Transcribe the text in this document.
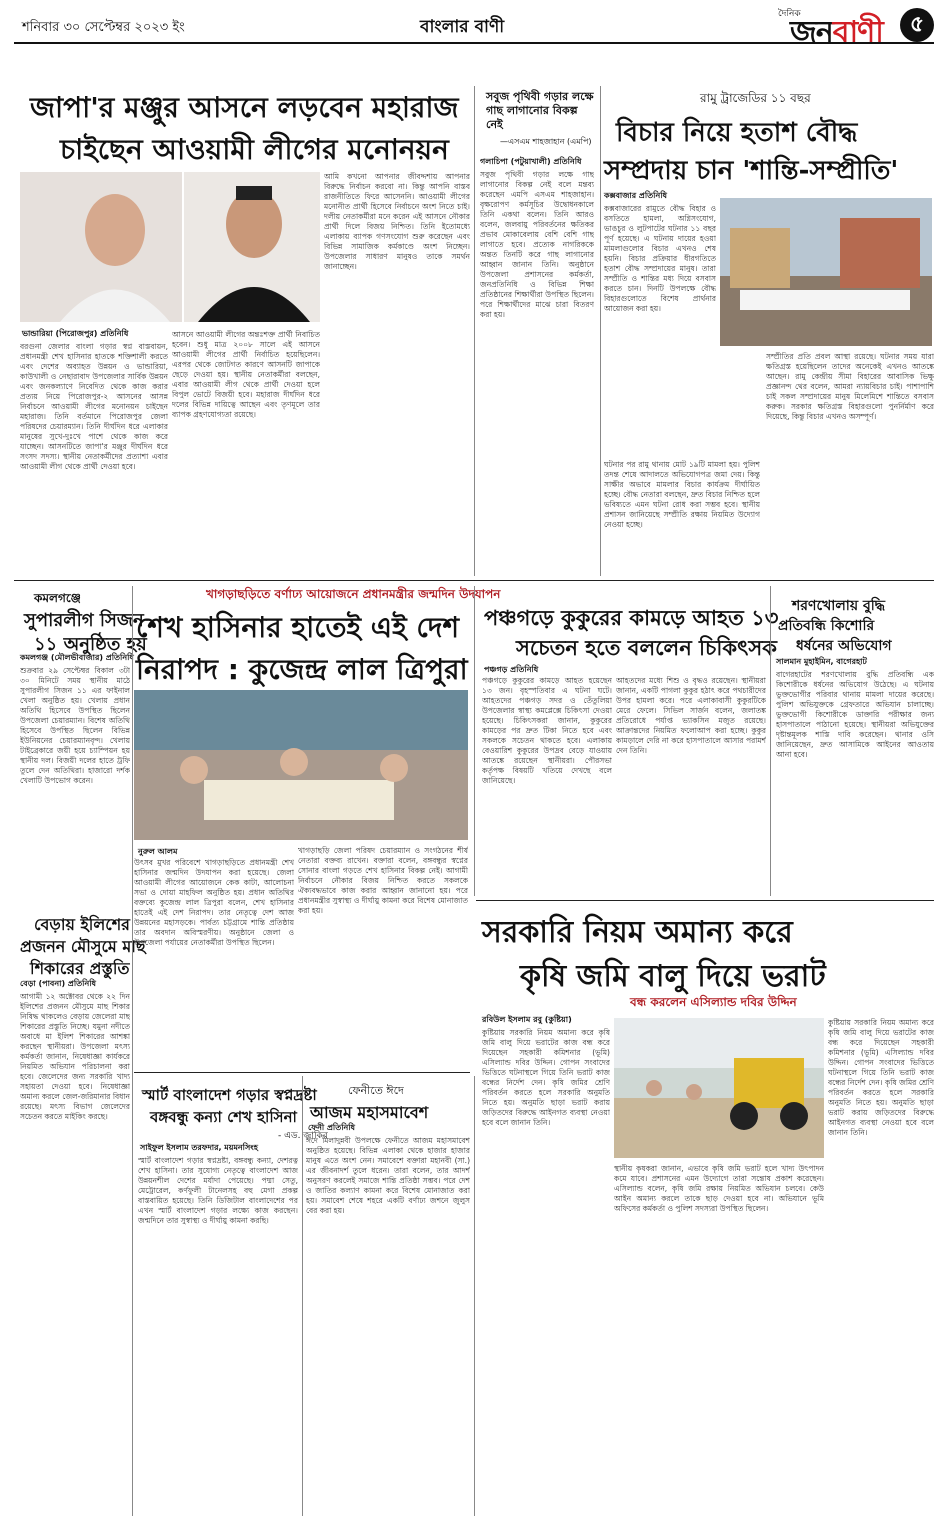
শনিবার ৩০ সেপ্টেম্বর ২০২৩ ইং	বাংলার বাণী
দৈনিক
জনবাণী	৫
জাপা'র মঞ্জুর আসনে লড়বেন মহারাজ
চাইছেন আওয়ামী লীগের মনোনয়ন
ভান্ডারিয়া (পিরোজপুর) প্রতিনিধি
বরগুনা জেলার বাংলা গড়ার স্বপ্ন বাস্তবায়ন, প্রধানমন্ত্রী শেখ হাসিনার হাতকে শক্তিশালী করতে এবং দেশের অব্যাহত উন্নয়ন ও ভান্ডারিয়া, কাউখালী ও নেছারাবাদ উপজেলার সার্বিক উন্নয়ন এবং জনকল্যাণে নিবেদিত থেকে কাজ করার প্রত্যয় নিয়ে পিরোজপুর-২ আসনের আসন্ন নির্বাচনে আওয়ামী লীগের মনোনয়ন চাইছেন মহারাজ। তিনি বর্তমানে পিরোজপুর জেলা পরিষদের চেয়ারম্যান। তিনি দীর্ঘদিন ধরে এলাকার মানুষের সুখে-দুঃখে পাশে থেকে কাজ করে যাচ্ছেন। আসনটিতে জাপা'র মঞ্জুর দীর্ঘদিন ধরে সংসদ সদস্য। স্থানীয় নেতাকর্মীদের প্রত্যাশা এবার আওয়ামী লীগ থেকে প্রার্থী দেওয়া হবে।
আসনে আওয়ামী লীগের অন্তঃশক্ত প্রার্থী নিবাচিত হবেন। শুধু মাত্র ২০০৮ সালে এই আসনে আওয়ামী লীগের প্রার্থী নির্বাচিত হয়েছিলেন। এরপর থেকে জোটগত কারণে আসনটি জাপাকে ছেড়ে দেওয়া হয়। স্থানীয় নেতাকর্মীরা বলছেন, এবার আওয়ামী লীগ থেকে প্রার্থী দেওয়া হলে বিপুল ভোটে বিজয়ী হবে। মহারাজ দীর্ঘদিন ধরে দলের বিভিন্ন দায়িত্বে আছেন এবং তৃণমূলে তার ব্যাপক গ্রহণযোগ্যতা রয়েছে।
আমি কখনো আপনার জীবদ্দশায় আপনার বিরুদ্ধে নির্বাচন করবো না। কিন্তু আপনি বাস্তব রাজনীতিতে ফিরে আসেননি। আওয়ামী লীগের মনোনীত প্রার্থী হিসেবে নির্বাচনে অংশ নিতে চাই। দলীয় নেতাকর্মীরা মনে করেন এই আসনে নৌকার প্রার্থী দিলে বিজয় নিশ্চিত। তিনি ইতোমধ্যে এলাকায় ব্যাপক গণসংযোগ শুরু করেছেন এবং বিভিন্ন সামাজিক কর্মকাণ্ডে অংশ নিচ্ছেন। উপজেলার সাধারণ মানুষও তাকে সমর্থন জানাচ্ছেন।
সবুজ পৃথিবী গড়ার লক্ষে গাছ লাগানোর বিকল্প নেই
—এসএম শাহজাহান (এমপি)
গলাচিপা (পটুয়াখালী) প্রতিনিধি
সবুজ পৃথিবী গড়ার লক্ষে গাছ লাগানোর বিকল্প নেই বলে মন্তব্য করেছেন এমপি এসএম শাহজাহান। বৃক্ষরোপণ কর্মসূচির উদ্বোধনকালে তিনি একথা বলেন। তিনি আরও বলেন, জলবায়ু পরিবর্তনের ক্ষতিকর প্রভাব মোকাবেলায় বেশি বেশি গাছ লাগাতে হবে। প্রত্যেক নাগরিককে অন্তত তিনটি করে গাছ লাগানোর আহ্বান জানান তিনি। অনুষ্ঠানে উপজেলা প্রশাসনের কর্মকর্তা, জনপ্রতিনিধি ও বিভিন্ন শিক্ষা প্রতিষ্ঠানের শিক্ষার্থীরা উপস্থিত ছিলেন। পরে শিক্ষার্থীদের মাঝে চারা বিতরণ করা হয়।
রামু ট্রাজেডির ১১ বছর
বিচার নিয়ে হতাশ বৌদ্ধ
সম্প্রদায় চান 'শান্তি-সম্প্রীতি'
কক্সবাজার প্রতিনিধি
কক্সবাজারের রামুতে বৌদ্ধ বিহার ও বসতিতে হামলা, অগ্নিসংযোগ, ভাঙচুর ও লুটপাটের ঘটনার ১১ বছর পূর্ণ হয়েছে। এ ঘটনায় দায়ের হওয়া মামলাগুলোর বিচার এখনও শেষ হয়নি। বিচার প্রক্রিয়ার ধীরগতিতে হতাশ বৌদ্ধ সম্প্রদায়ের মানুষ। তারা সম্প্রীতি ও শান্তির মধ্য দিয়ে বসবাস করতে চান। দিনটি উপলক্ষে বৌদ্ধ বিহারগুলোতে বিশেষ প্রার্থনার আয়োজন করা হয়।
সম্প্রীতির প্রতি প্রবল আস্থা রয়েছে। ঘটনার সময় যারা ক্ষতিগ্রস্ত হয়েছিলেন তাদের অনেকেই এখনও আতঙ্কে আছেন। রামু কেন্দ্রীয় সীমা বিহারের আবাসিক ভিক্ষু প্রজ্ঞানন্দ থের বলেন, আমরা ন্যায়বিচার চাই। পাশাপাশি চাই সকল সম্প্রদায়ের মানুষ মিলেমিশে শান্তিতে বসবাস করুক। সরকার ক্ষতিগ্রস্ত বিহারগুলো পুনর্নির্মাণ করে দিয়েছে, কিন্তু বিচার এখনও অসম্পূর্ণ।
ঘটনার পর রামু থানায় মোট ১৯টি মামলা হয়। পুলিশ তদন্ত শেষে আদালতে অভিযোগপত্র জমা দেয়। কিন্তু সাক্ষীর অভাবে মামলার বিচার কার্যক্রম দীর্ঘায়িত হচ্ছে। বৌদ্ধ নেতারা বলছেন, দ্রুত বিচার নিশ্চিত হলে ভবিষ্যতে এমন ঘটনা রোধ করা সম্ভব হবে। স্থানীয় প্রশাসন জানিয়েছে সম্প্রীতি রক্ষায় নিয়মিত উদ্যোগ নেওয়া হচ্ছে।
খাগড়াছড়িতে বর্ণাঢ্য আয়োজনে প্রধানমন্ত্রীর জন্মদিন উদযাপন
শেখ হাসিনার হাতেই এই দেশ
নিরাপদ : কুজেন্দ্র লাল ত্রিপুরা
নুরুল আলম
উৎসব মুখর পরিবেশে খাগড়াছড়িতে প্রধানমন্ত্রী শেখ হাসিনার জন্মদিন উদযাপন করা হয়েছে। জেলা আওয়ামী লীগের আয়োজনে কেক কাটা, আলোচনা সভা ও দোয়া মাহফিল অনুষ্ঠিত হয়। প্রধান অতিথির বক্তব্যে কুজেন্দ্র লাল ত্রিপুরা বলেন, শেখ হাসিনার হাতেই এই দেশ নিরাপদ। তার নেতৃত্বে দেশ আজ উন্নয়নের মহাসড়কে। পার্বত্য চট্টগ্রামে শান্তি প্রতিষ্ঠায় তার অবদান অবিস্মরণীয়। অনুষ্ঠানে জেলা ও উপজেলা পর্যায়ের নেতাকর্মীরা উপস্থিত ছিলেন।
খাগড়াছড়ি জেলা পরিষদ চেয়ারম্যান ও সংগঠনের শীর্ষ নেতারা বক্তব্য রাখেন। বক্তারা বলেন, বঙ্গবন্ধুর স্বপ্নের সোনার বাংলা গড়তে শেখ হাসিনার বিকল্প নেই। আগামী নির্বাচনে নৌকার বিজয় নিশ্চিত করতে সকলকে ঐক্যবদ্ধভাবে কাজ করার আহ্বান জানানো হয়। পরে প্রধানমন্ত্রীর সুস্বাস্থ্য ও দীর্ঘায়ু কামনা করে বিশেষ মোনাজাত করা হয়।
কমলগঞ্জে
সুপারলীগ সিজন
১১ অনুষ্ঠিত হয়
কমলগঞ্জ (মৌলভীবাজার) প্রতিনিধি
শুক্রবার ২৯ সেপ্টেম্বর বিকাল ৩টা ৩০ মিনিটে সময় স্থানীয় মাঠে সুপারলীগ সিজন ১১ এর ফাইনাল খেলা অনুষ্ঠিত হয়। খেলায় প্রধান অতিথি হিসেবে উপস্থিত ছিলেন উপজেলা চেয়ারম্যান। বিশেষ অতিথি হিসেবে উপস্থিত ছিলেন বিভিন্ন ইউনিয়নের চেয়ারম্যানবৃন্দ। খেলায় টাইব্রেকারে জয়ী হয়ে চ্যাম্পিয়ন হয় স্থানীয় দল। বিজয়ী দলের হাতে ট্রফি তুলে দেন অতিথিরা। হাজারো দর্শক খেলাটি উপভোগ করেন।
বেড়ায় ইলিশের
প্রজনন মৌসুমে মাছ
শিকারের প্রস্তুতি
বেড়া (পাবনা) প্রতিনিধি
আগামী ১২ অক্টোবর থেকে ২২ দিন ইলিশের প্রজনন মৌসুমে মাছ শিকার নিষিদ্ধ থাকলেও বেড়ায় জেলেরা মাছ শিকারের প্রস্তুতি নিচ্ছে। যমুনা নদীতে অবাধে মা ইলিশ শিকারের আশঙ্কা করছেন স্থানীয়রা। উপজেলা মৎস্য কর্মকর্তা জানান, নিষেধাজ্ঞা কার্যকরে নিয়মিত অভিযান পরিচালনা করা হবে। জেলেদের জন্য সরকারি খাদ্য সহায়তা দেওয়া হবে। নিষেধাজ্ঞা অমান্য করলে জেল-জরিমানার বিধান রয়েছে। মৎস্য বিভাগ জেলেদের সচেতন করতে মাইকিং করছে।
পঞ্চগড়ে কুকুরের কামড়ে আহত ১৩
সচেতন হতে বললেন চিকিৎসক
পঞ্চগড় প্রতিনিধি
পঞ্চগড়ে কুকুরের কামড়ে আহত হয়েছেন ১৩ জন। বৃহস্পতিবার এ ঘটনা ঘটে। আহতদের পঞ্চগড় সদর ও তেঁতুলিয়া উপজেলার স্বাস্থ্য কমপ্লেক্সে চিকিৎসা দেওয়া হয়েছে। চিকিৎসকরা জানান, কুকুরের কামড়ের পর দ্রুত টিকা নিতে হবে এবং সকলকে সচেতন থাকতে হবে। এলাকায় বেওয়ারিশ কুকুরের উপদ্রব বেড়ে যাওয়ায় আতঙ্কে রয়েছেন স্থানীয়রা। পৌরসভা কর্তৃপক্ষ বিষয়টি খতিয়ে দেখছে বলে জানিয়েছে।
আহতদের মধ্যে শিশু ও বৃদ্ধও রয়েছেন। স্থানীয়রা জানান, একটি পাগলা কুকুর হঠাৎ করে পথচারীদের উপর হামলা করে। পরে এলাকাবাসী কুকুরটিকে মেরে ফেলে। সিভিল সার্জন বলেন, জলাতঙ্ক প্রতিরোধে পর্যাপ্ত ভ্যাকসিন মজুত রয়েছে। আক্রান্তদের নিয়মিত ফলোআপ করা হচ্ছে। কুকুর কামড়ালে দেরি না করে হাসপাতালে আসার পরামর্শ দেন তিনি।
শরণখোলায় বুদ্ধি
প্রতিবন্ধি কিশোরি
ধর্ষনের অভিযোগ
সালমান মুহাইমিন, বাগেরহাট
বাগেরহাটের শরণখোলায় বুদ্ধি প্রতিবন্ধি এক কিশোরীকে ধর্ষনের অভিযোগ উঠেছে। এ ঘটনায় ভুক্তভোগীর পরিবার থানায় মামলা দায়ের করেছে। পুলিশ অভিযুক্তকে গ্রেফতারে অভিযান চালাচ্ছে। ভুক্তভোগী কিশোরীকে ডাক্তারি পরীক্ষার জন্য হাসপাতালে পাঠানো হয়েছে। স্থানীয়রা অভিযুক্তের দৃষ্টান্তমূলক শাস্তি দাবি করেছেন। থানার ওসি জানিয়েছেন, দ্রুত আসামিকে আইনের আওতায় আনা হবে।
স্মার্ট বাংলাদেশ গড়ার স্বপ্নদ্রষ্টা
বঙ্গবন্ধু কন্যা শেখ হাসিনা
- এড. জাকির
সাইফুল ইসলাম তরফদার, ময়মনসিংহ
স্মার্ট বাংলাদেশ গড়ার স্বপ্নদ্রষ্টা, বঙ্গবন্ধু কন্যা, দেশরত্ন শেখ হাসিনা। তার সুযোগ্য নেতৃত্বে বাংলাদেশ আজ উন্নয়নশীল দেশের মর্যাদা পেয়েছে। পদ্মা সেতু, মেট্রোরেল, কর্ণফুলী টানেলসহ বহু মেগা প্রকল্প বাস্তবায়িত হয়েছে। তিনি ডিজিটাল বাংলাদেশের পর এখন স্মার্ট বাংলাদেশ গড়ার লক্ষ্যে কাজ করছেন। জন্মদিনে তার সুস্বাস্থ্য ও দীর্ঘায়ু কামনা করছি।
ফেনীতে ঈদে
আজম মহাসমাবেশ
ফেনী প্রতিনিধি
ঈদে মিলাদুন্নবী উপলক্ষে ফেনীতে আজম মহাসমাবেশ অনুষ্ঠিত হয়েছে। বিভিন্ন এলাকা থেকে হাজার হাজার মানুষ এতে অংশ নেন। সমাবেশে বক্তারা মহানবী (সা.) এর জীবনাদর্শ তুলে ধরেন। তারা বলেন, তার আদর্শ অনুসরণ করলেই সমাজে শান্তি প্রতিষ্ঠা সম্ভব। পরে দেশ ও জাতির কল্যাণ কামনা করে বিশেষ মোনাজাত করা হয়। সমাবেশ শেষে শহরে একটি বর্ণাঢ্য জশনে জুলুস বের করা হয়।
সরকারি নিয়ম অমান্য করে
কৃষি জমি বালু দিয়ে ভরাট
বন্ধ করলেন এসিল্যান্ড দবির উদ্দিন
রবিউল ইসলাম রবু (কুষ্টিয়া)
কুষ্টিয়ায় সরকারি নিয়ম অমান্য করে কৃষি জমি বালু দিয়ে ভরাটের কাজ বন্ধ করে দিয়েছেন সহকারী কমিশনার (ভূমি) এসিল্যান্ড দবির উদ্দিন। গোপন সংবাদের ভিত্তিতে ঘটনাস্থলে গিয়ে তিনি ভরাট কাজ বন্ধের নির্দেশ দেন। কৃষি জমির শ্রেণি পরিবর্তন করতে হলে সরকারি অনুমতি নিতে হয়। অনুমতি ছাড়া ভরাট করায় জড়িতদের বিরুদ্ধে আইনগত ব্যবস্থা নেওয়া হবে বলে জানান তিনি।
স্থানীয় কৃষকরা জানান, এভাবে কৃষি জমি ভরাট হলে খাদ্য উৎপাদন কমে যাবে। প্রশাসনের এমন উদ্যোগে তারা সন্তোষ প্রকাশ করেছেন। এসিল্যান্ড বলেন, কৃষি জমি রক্ষায় নিয়মিত অভিযান চলবে। কেউ আইন অমান্য করলে তাকে ছাড় দেওয়া হবে না। অভিযানে ভূমি অফিসের কর্মকর্তা ও পুলিশ সদস্যরা উপস্থিত ছিলেন।
কুষ্টিয়ায় সরকারি নিয়ম অমান্য করে কৃষি জমি বালু দিয়ে ভরাটের কাজ বন্ধ করে দিয়েছেন সহকারী কমিশনার (ভূমি) এসিল্যান্ড দবির উদ্দিন। গোপন সংবাদের ভিত্তিতে ঘটনাস্থলে গিয়ে তিনি ভরাট কাজ বন্ধের নির্দেশ দেন। কৃষি জমির শ্রেণি পরিবর্তন করতে হলে সরকারি অনুমতি নিতে হয়। অনুমতি ছাড়া ভরাট করায় জড়িতদের বিরুদ্ধে আইনগত ব্যবস্থা নেওয়া হবে বলে জানান তিনি।
